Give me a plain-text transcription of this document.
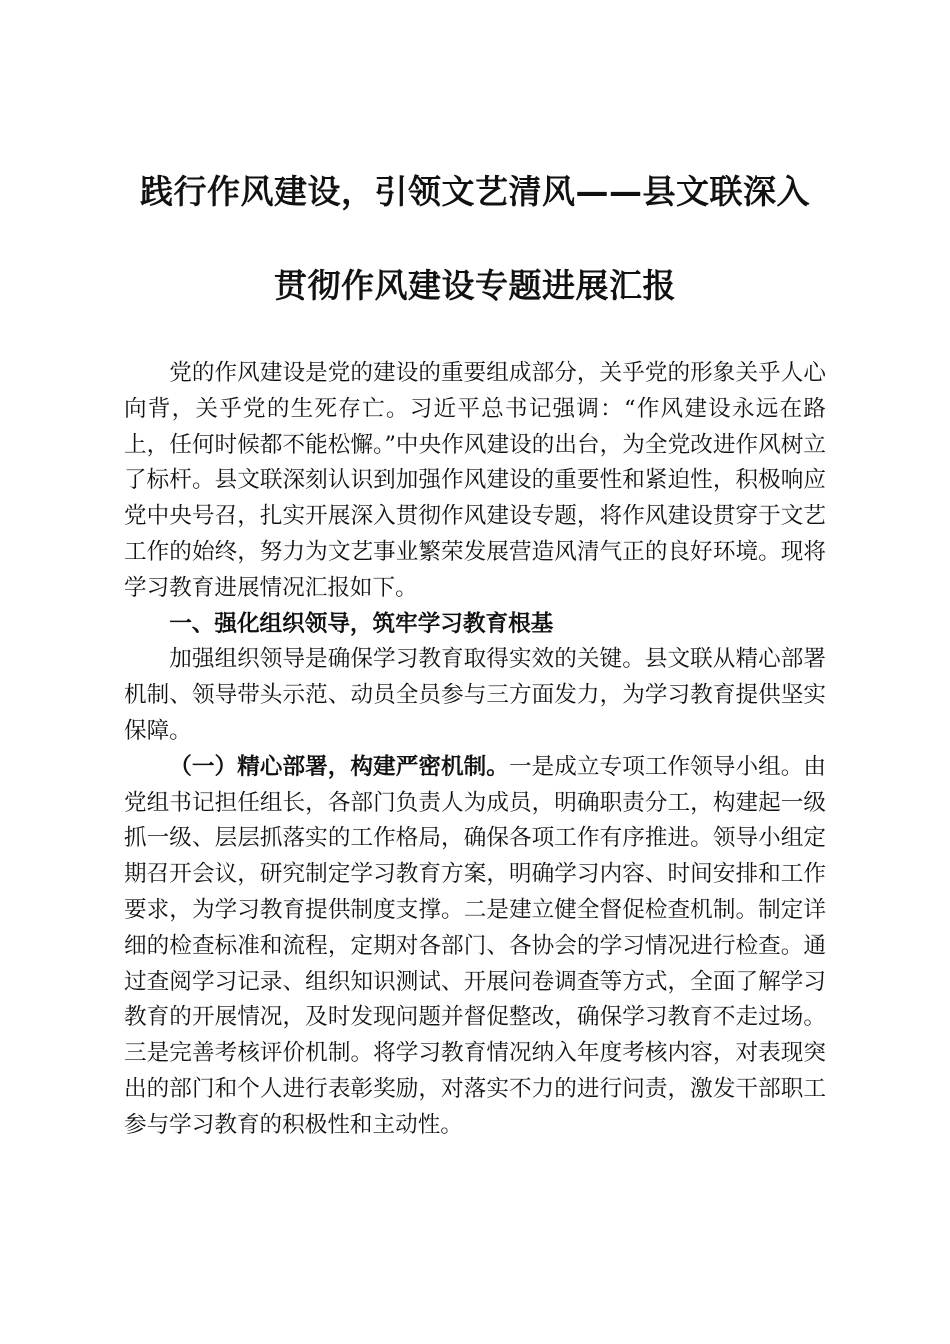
践行作风建设，引领文艺清风——县文联深入
贯彻作风建设专题进展汇报

党的作风建设是党的建设的重要组成部分，关乎党的形象关乎人心向背，关乎党的生死存亡。习近平总书记强调：“作风建设永远在路上，任何时候都不能松懈。”中央作风建设的出台，为全党改进作风树立了标杆。县文联深刻认识到加强作风建设的重要性和紧迫性，积极响应党中央号召，扎实开展深入贯彻作风建设专题，将作风建设贯穿于文艺工作的始终，努力为文艺事业繁荣发展营造风清气正的良好环境。现将学习教育进展情况汇报如下。

一、强化组织领导，筑牢学习教育根基

加强组织领导是确保学习教育取得实效的关键。县文联从精心部署机制、领导带头示范、动员全员参与三方面发力，为学习教育提供坚实保障。

（一）精心部署，构建严密机制。一是成立专项工作领导小组。由党组书记担任组长，各部门负责人为成员，明确职责分工，构建起一级抓一级、层层抓落实的工作格局，确保各项工作有序推进。领导小组定期召开会议，研究制定学习教育方案，明确学习内容、时间安排和工作要求，为学习教育提供制度支撑。二是建立健全督促检查机制。制定详细的检查标准和流程，定期对各部门、各协会的学习情况进行检查。通过查阅学习记录、组织知识测试、开展问卷调查等方式，全面了解学习教育的开展情况，及时发现问题并督促整改，确保学习教育不走过场。三是完善考核评价机制。将学习教育情况纳入年度考核内容，对表现突出的部门和个人进行表彰奖励，对落实不力的进行问责，激发干部职工参与学习教育的积极性和主动性。
